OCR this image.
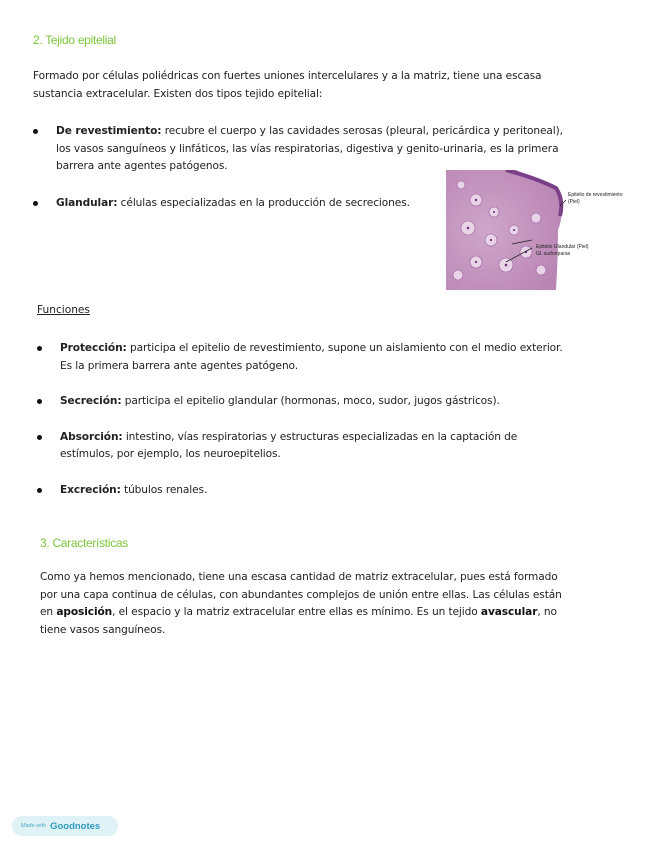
2. Tejido epitelial
Formado por células poliédricas con fuertes uniones intercelulares y a la matriz, tiene una escasa
sustancia extracelular. Existen dos tipos tejido epitelial:
De revestimiento: recubre el cuerpo y las cavidades serosas (pleural, pericárdica y peritoneal),
los vasos sanguíneos y linfáticos, las vías respiratorias, digestiva y genito-urinaria, es la primera
barrera ante agentes patógenos.
Glandular: células especializadas en la producción de secreciones.
Epitelio de revestimiento
(Piel)
Epitelio Glandular (Piel)
Gl. sudoríparas
Funciones
Protección: participa el epitelio de revestimiento, supone un aislamiento con el medio exterior.
Es la primera barrera ante agentes patógeno.
Secreción: participa el epitelio glandular (hormonas, moco, sudor, jugos gástricos).
Absorción: intestino, vías respiratorias y estructuras especializadas en la captación de
estímulos, por ejemplo, los neuroepitelios.
Excreción: túbulos renales.
3. Características
Como ya hemos mencionado, tiene una escasa cantidad de matriz extracelular, pues está formado
por una capa continua de células, con abundantes complejos de unión entre ellas. Las células están
en aposición, el espacio y la matriz extracelular entre ellas es mínimo. Es un tejido avascular, no
tiene vasos sanguíneos.
Made with Goodnotes
